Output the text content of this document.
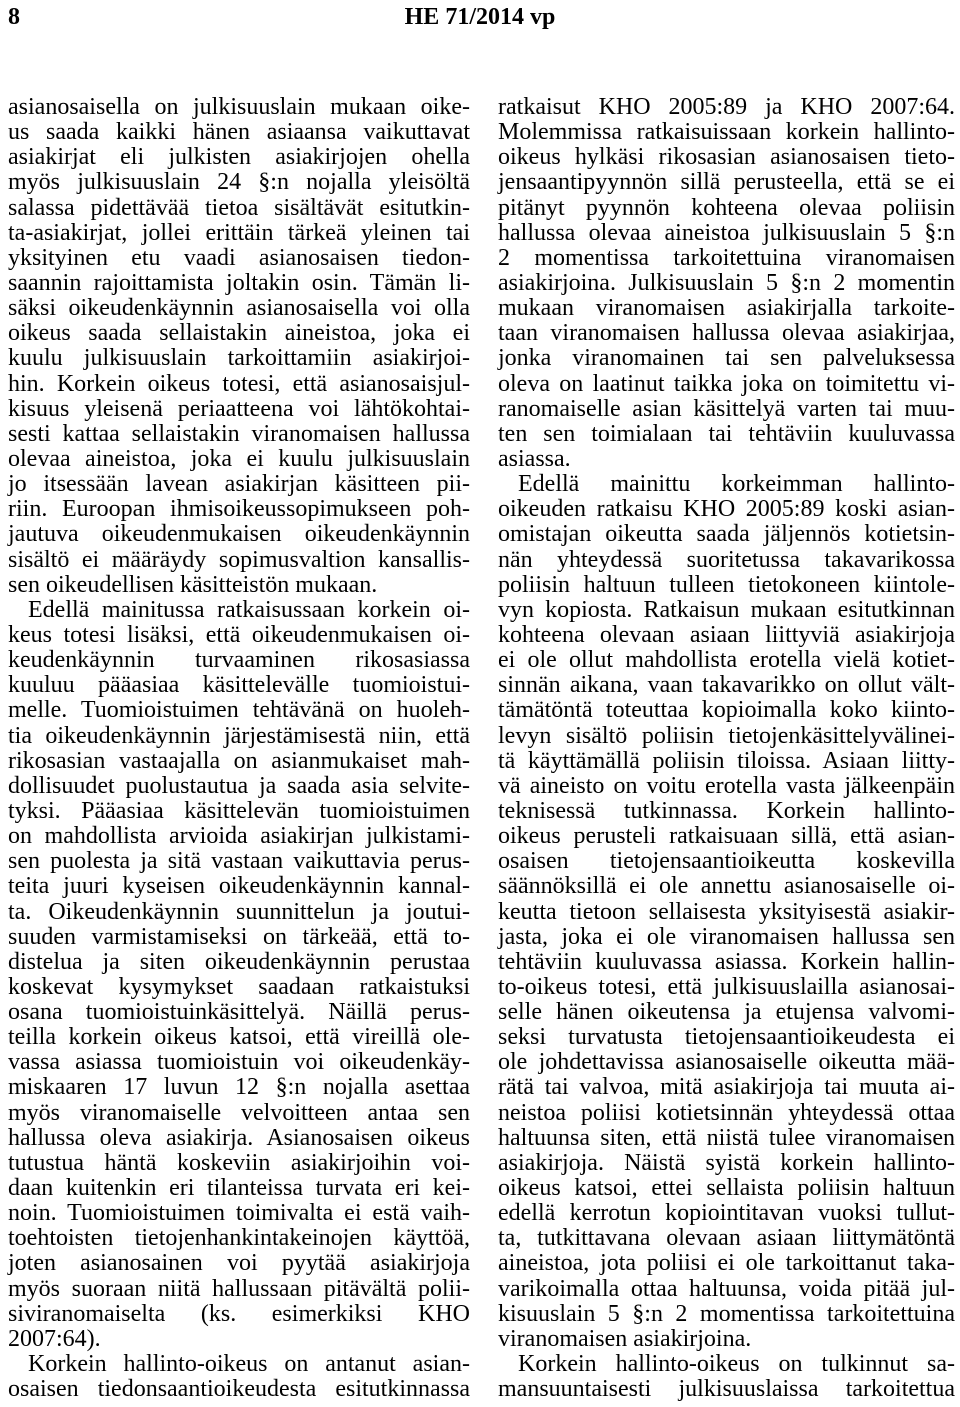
8	HE 71/2014 vp
asianosaisella on julkisuuslain mukaan oike-
us saada kaikki hänen asiaansa vaikuttavat
asiakirjat eli julkisten asiakirjojen ohella
myös julkisuuslain 24 §:n nojalla yleisöltä
salassa pidettävää tietoa sisältävät esitutkin-
ta-asiakirjat, jollei erittäin tärkeä yleinen tai
yksityinen etu vaadi asianosaisen tiedon-
saannin rajoittamista joltakin osin. Tämän li-
säksi oikeudenkäynnin asianosaisella voi olla
oikeus saada sellaistakin aineistoa, joka ei
kuulu julkisuuslain tarkoittamiin asiakirjoi-
hin. Korkein oikeus totesi, että asianosaisjul-
kisuus yleisenä periaatteena voi lähtökohtai-
sesti kattaa sellaistakin viranomaisen hallussa
olevaa aineistoa, joka ei kuulu julkisuuslain
jo itsessään lavean asiakirjan käsitteen pii-
riin. Euroopan ihmisoikeussopimukseen poh-
jautuva oikeudenmukaisen oikeudenkäynnin
sisältö ei määräydy sopimusvaltion kansallis-
sen oikeudellisen käsitteistön mukaan.
Edellä mainitussa ratkaisussaan korkein oi-
keus totesi lisäksi, että oikeudenmukaisen oi-
keudenkäynnin turvaaminen rikosasiassa
kuuluu pääasiaa käsittelevälle tuomioistui-
melle. Tuomioistuimen tehtävänä on huoleh-
tia oikeudenkäynnin järjestämisestä niin, että
rikosasian vastaajalla on asianmukaiset mah-
dollisuudet puolustautua ja saada asia selvite-
tyksi. Pääasiaa käsittelevän tuomioistuimen
on mahdollista arvioida asiakirjan julkistami-
sen puolesta ja sitä vastaan vaikuttavia perus-
teita juuri kyseisen oikeudenkäynnin kannal-
ta. Oikeudenkäynnin suunnittelun ja joutui-
suuden varmistamiseksi on tärkeää, että to-
distelua ja siten oikeudenkäynnin perustaa
koskevat kysymykset saadaan ratkaistuksi
osana tuomioistuinkäsittelyä. Näillä perus-
teilla korkein oikeus katsoi, että vireillä ole-
vassa asiassa tuomioistuin voi oikeudenkäy-
miskaaren 17 luvun 12 §:n nojalla asettaa
myös viranomaiselle velvoitteen antaa sen
hallussa oleva asiakirja. Asianosaisen oikeus
tutustua häntä koskeviin asiakirjoihin voi-
daan kuitenkin eri tilanteissa turvata eri kei-
noin. Tuomioistuimen toimivalta ei estä vaih-
toehtoisten tietojenhankintakeinojen käyttöä,
joten asianosainen voi pyytää asiakirjoja
myös suoraan niitä hallussaan pitävältä polii-
siviranomaiselta (ks. esimerkiksi KHO
2007:64).
Korkein hallinto-oikeus on antanut asian-
osaisen tiedonsaantioikeudesta esitutkinnassa
ratkaisut KHO 2005:89 ja KHO 2007:64.
Molemmissa ratkaisuissaan korkein hallinto-
oikeus hylkäsi rikosasian asianosaisen tieto-
jensaantipyynnön sillä perusteella, että se ei
pitänyt pyynnön kohteena olevaa poliisin
hallussa olevaa aineistoa julkisuuslain 5 §:n
2 momentissa tarkoitettuina viranomaisen
asiakirjoina. Julkisuuslain 5 §:n 2 momentin
mukaan viranomaisen asiakirjalla tarkoite-
taan viranomaisen hallussa olevaa asiakirjaa,
jonka viranomainen tai sen palveluksessa
oleva on laatinut taikka joka on toimitettu vi-
ranomaiselle asian käsittelyä varten tai muu-
ten sen toimialaan tai tehtäviin kuuluvassa
asiassa.
Edellä mainittu korkeimman hallinto-
oikeuden ratkaisu KHO 2005:89 koski asian-
omistajan oikeutta saada jäljennös kotietsin-
nän yhteydessä suoritetussa takavarikossa
poliisin haltuun tulleen tietokoneen kiintole-
vyn kopiosta. Ratkaisun mukaan esitutkinnan
kohteena olevaan asiaan liittyviä asiakirjoja
ei ole ollut mahdollista erotella vielä kotiet-
sinnän aikana, vaan takavarikko on ollut vält-
tämätöntä toteuttaa kopioimalla koko kiinto-
levyn sisältö poliisin tietojenkäsittelyvälinei-
tä käyttämällä poliisin tiloissa. Asiaan liitty-
vä aineisto on voitu erotella vasta jälkeenpäin
teknisessä tutkinnassa. Korkein hallinto-
oikeus perusteli ratkaisuaan sillä, että asian-
osaisen tietojensaantioikeutta koskevilla
säännöksillä ei ole annettu asianosaiselle oi-
keutta tietoon sellaisesta yksityisestä asiakir-
jasta, joka ei ole viranomaisen hallussa sen
tehtäviin kuuluvassa asiassa. Korkein hallin-
to-oikeus totesi, että julkisuuslailla asianosai-
selle hänen oikeutensa ja etujensa valvomi-
seksi turvatusta tietojensaantioikeudesta ei
ole johdettavissa asianosaiselle oikeutta mää-
rätä tai valvoa, mitä asiakirjoja tai muuta ai-
neistoa poliisi kotietsinnän yhteydessä ottaa
haltuunsa siten, että niistä tulee viranomaisen
asiakirjoja. Näistä syistä korkein hallinto-
oikeus katsoi, ettei sellaista poliisin haltuun
edellä kerrotun kopiointitavan vuoksi tullut-
ta, tutkittavana olevaan asiaan liittymätöntä
aineistoa, jota poliisi ei ole tarkoittanut taka-
varikoimalla ottaa haltuunsa, voida pitää jul-
kisuuslain 5 §:n 2 momentissa tarkoitettuina
viranomaisen asiakirjoina.
Korkein hallinto-oikeus on tulkinnut sa-
mansuuntaisesti julkisuuslaissa tarkoitettua
